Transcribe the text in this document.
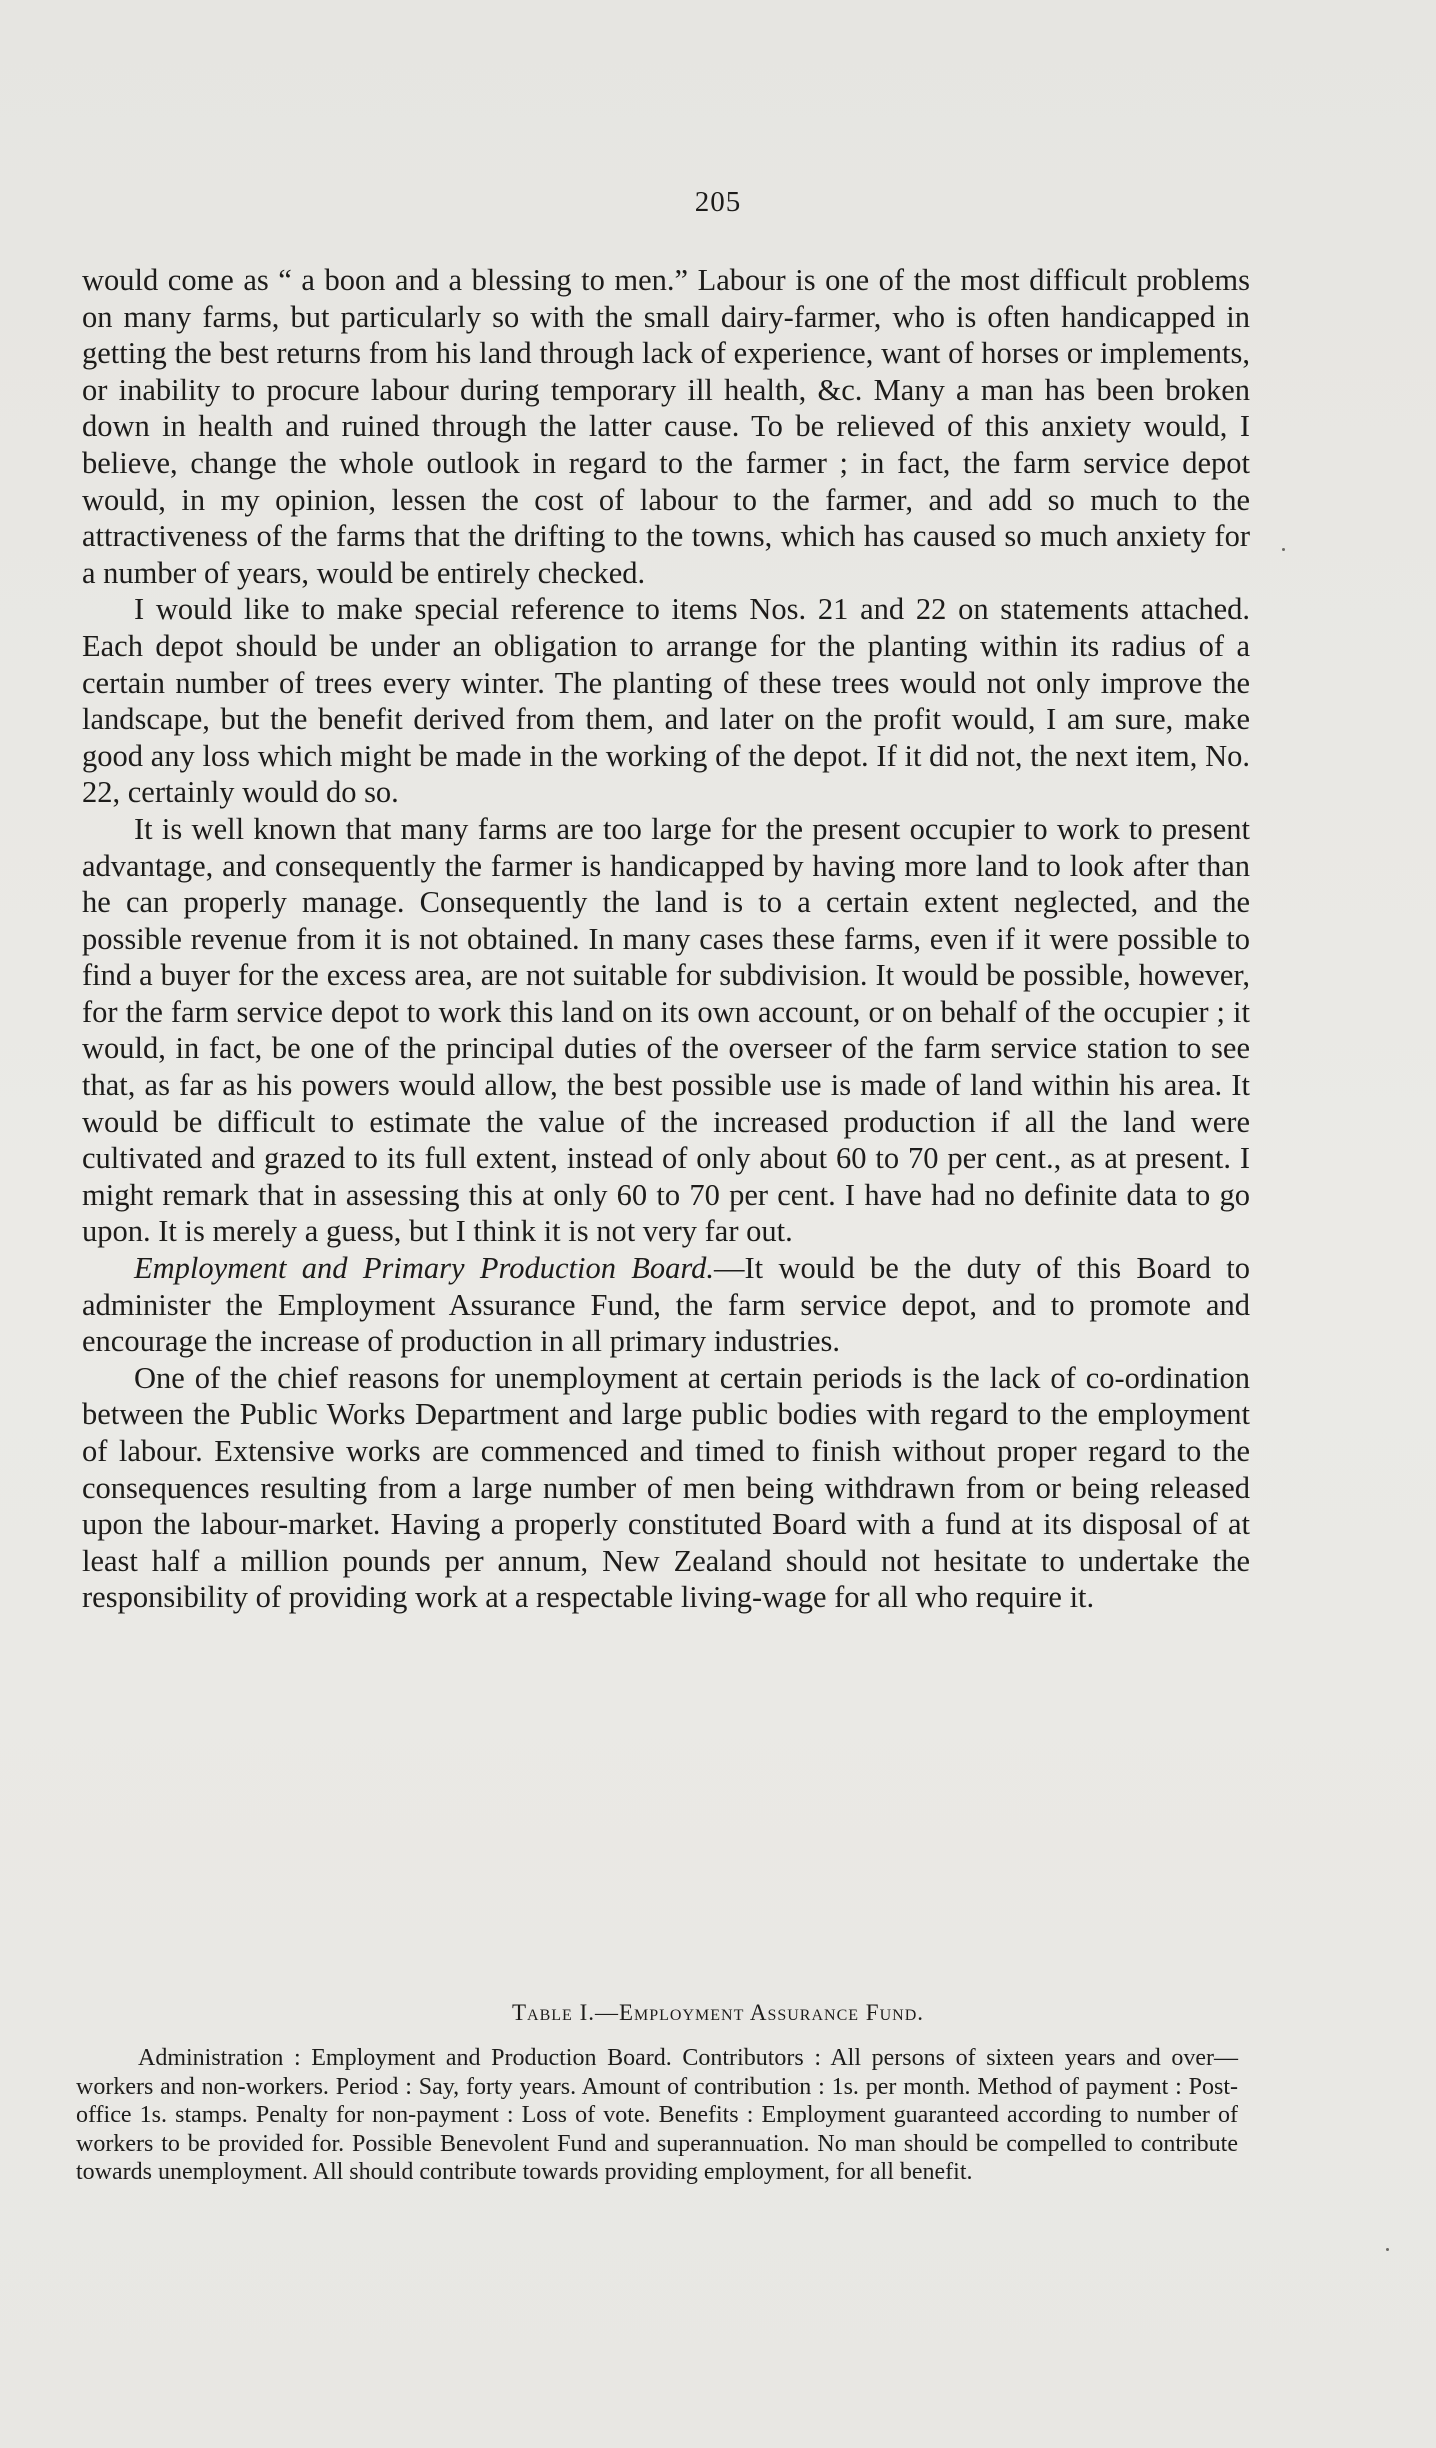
205

would come as “ a boon and a blessing to men.” Labour is one of the most difficult problems on many farms, but particularly so with the small dairy-farmer, who is often handicapped in getting the best returns from his land through lack of experience, want of horses or implements, or inability to procure labour during temporary ill health, &c. Many a man has been broken down in health and ruined through the latter cause. To be relieved of this anxiety would, I believe, change the whole outlook in regard to the farmer ; in fact, the farm service depot would, in my opinion, lessen the cost of labour to the farmer, and add so much to the attractiveness of the farms that the drifting to the towns, which has caused so much anxiety for a number of years, would be entirely checked.

I would like to make special reference to items Nos. 21 and 22 on statements attached. Each depot should be under an obligation to arrange for the planting within its radius of a certain number of trees every winter. The planting of these trees would not only improve the landscape, but the benefit derived from them, and later on the profit would, I am sure, make good any loss which might be made in the working of the depot. If it did not, the next item, No. 22, certainly would do so.

It is well known that many farms are too large for the present occupier to work to present advantage, and consequently the farmer is handicapped by having more land to look after than he can properly manage. Consequently the land is to a certain extent neglected, and the possible revenue from it is not obtained. In many cases these farms, even if it were possible to find a buyer for the excess area, are not suitable for subdivision. It would be possible, however, for the farm service depot to work this land on its own account, or on behalf of the occupier ; it would, in fact, be one of the principal duties of the overseer of the farm service station to see that, as far as his powers would allow, the best possible use is made of land within his area. It would be difficult to estimate the value of the increased production if all the land were cultivated and grazed to its full extent, instead of only about 60 to 70 per cent., as at present. I might remark that in assessing this at only 60 to 70 per cent. I have had no definite data to go upon. It is merely a guess, but I think it is not very far out.

Employment and Primary Production Board.—It would be the duty of this Board to administer the Employment Assurance Fund, the farm service depot, and to promote and encourage the increase of production in all primary industries.

One of the chief reasons for unemployment at certain periods is the lack of co-ordination between the Public Works Department and large public bodies with regard to the employment of labour. Extensive works are commenced and timed to finish without proper regard to the consequences resulting from a large number of men being withdrawn from or being released upon the labour-market. Having a properly constituted Board with a fund at its disposal of at least half a million pounds per annum, New Zealand should not hesitate to undertake the responsibility of providing work at a respectable living-wage for all who require it.

Table I.—Employment Assurance Fund.

Administration : Employment and Production Board. Contributors : All persons of sixteen years and over—workers and non-workers. Period : Say, forty years. Amount of contribution : 1s. per month. Method of payment : Post-office 1s. stamps. Penalty for non-payment : Loss of vote. Benefits : Employment guaranteed according to number of workers to be provided for. Possible Benevolent Fund and superannuation. No man should be compelled to contribute towards unemployment. All should contribute towards providing employment, for all benefit.
